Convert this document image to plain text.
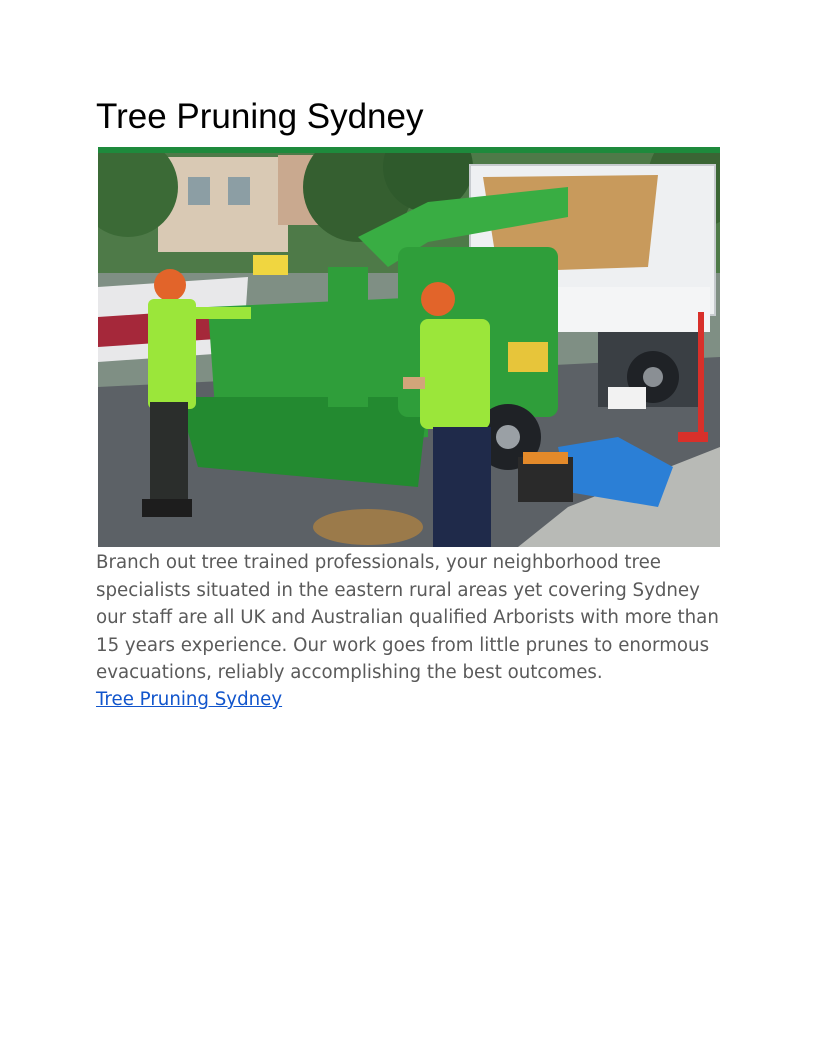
Tree Pruning Sydney

Branch out tree trained professionals, your neighborhood tree specialists situated in the eastern rural areas yet covering Sydney our staff are all UK and Australian qualified Arborists with more than 15 years experience. Our work goes from little prunes to enormous evacuations, reliably accomplishing the best outcomes.

Tree Pruning Sydney
